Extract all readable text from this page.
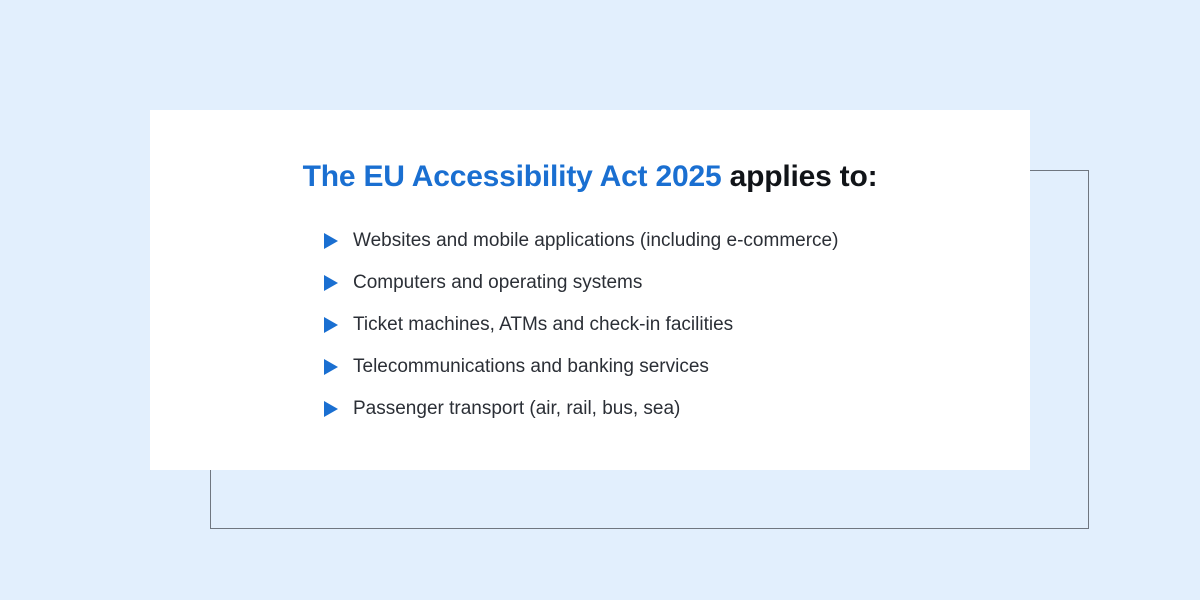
The EU Accessibility Act 2025 applies to:
Websites and mobile applications (including e-commerce)
Computers and operating systems
Ticket machines, ATMs and check-in facilities
Telecommunications and banking services
Passenger transport (air, rail, bus, sea)
